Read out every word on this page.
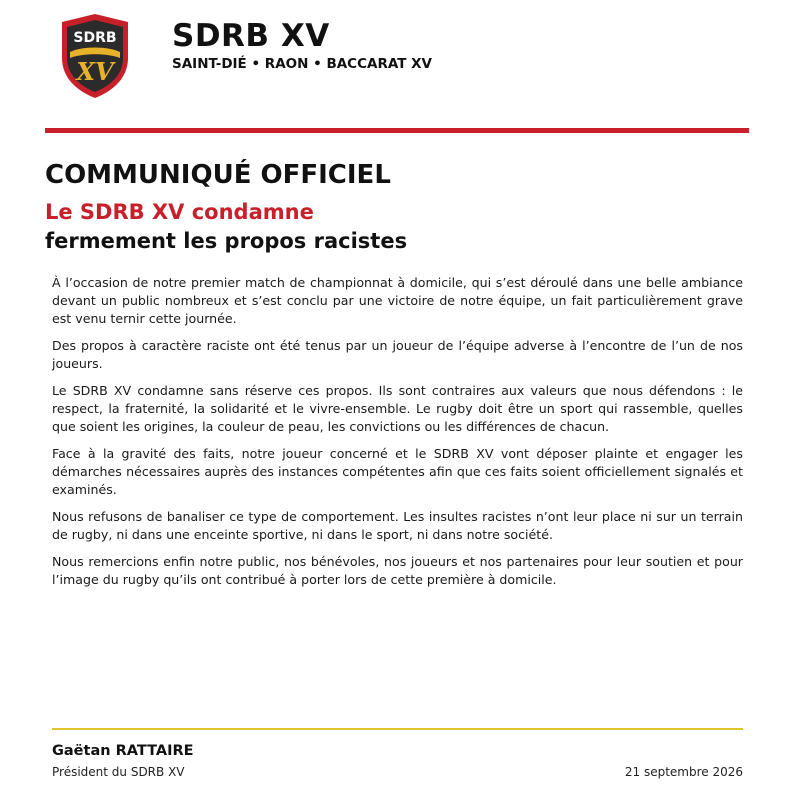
SDRB
XV
SDRB XV
SAINT-DIÉ • RAON • BACCARAT XV
COMMUNIQUÉ OFFICIEL
Le SDRB XV condamne
fermement les propos racistes

À l’occasion de notre premier match de championnat à domicile, qui s’est déroulé dans une belle ambiance devant un public nombreux et s’est conclu par une victoire de notre équipe, un fait particulièrement grave est venu ternir cette journée.

Des propos à caractère raciste ont été tenus par un joueur de l’équipe adverse à l’encontre de l’un de nos joueurs.

Le SDRB XV condamne sans réserve ces propos. Ils sont contraires aux valeurs que nous défendons : le respect, la fraternité, la solidarité et le vivre-ensemble. Le rugby doit être un sport qui rassemble, quelles que soient les origines, la couleur de peau, les convictions ou les différences de chacun.

Face à la gravité des faits, notre joueur concerné et le SDRB XV vont déposer plainte et engager les démarches nécessaires auprès des instances compétentes afin que ces faits soient officiellement signalés et examinés.

Nous refusons de banaliser ce type de comportement. Les insultes racistes n’ont leur place ni sur un terrain de rugby, ni dans une enceinte sportive, ni dans le sport, ni dans notre société.

Nous remercions enfin notre public, nos bénévoles, nos joueurs et nos partenaires pour leur soutien et pour l’image du rugby qu’ils ont contribué à porter lors de cette première à domicile.

Gaëtan RATTAIRE
Président du SDRB XV	21 septembre 2026
